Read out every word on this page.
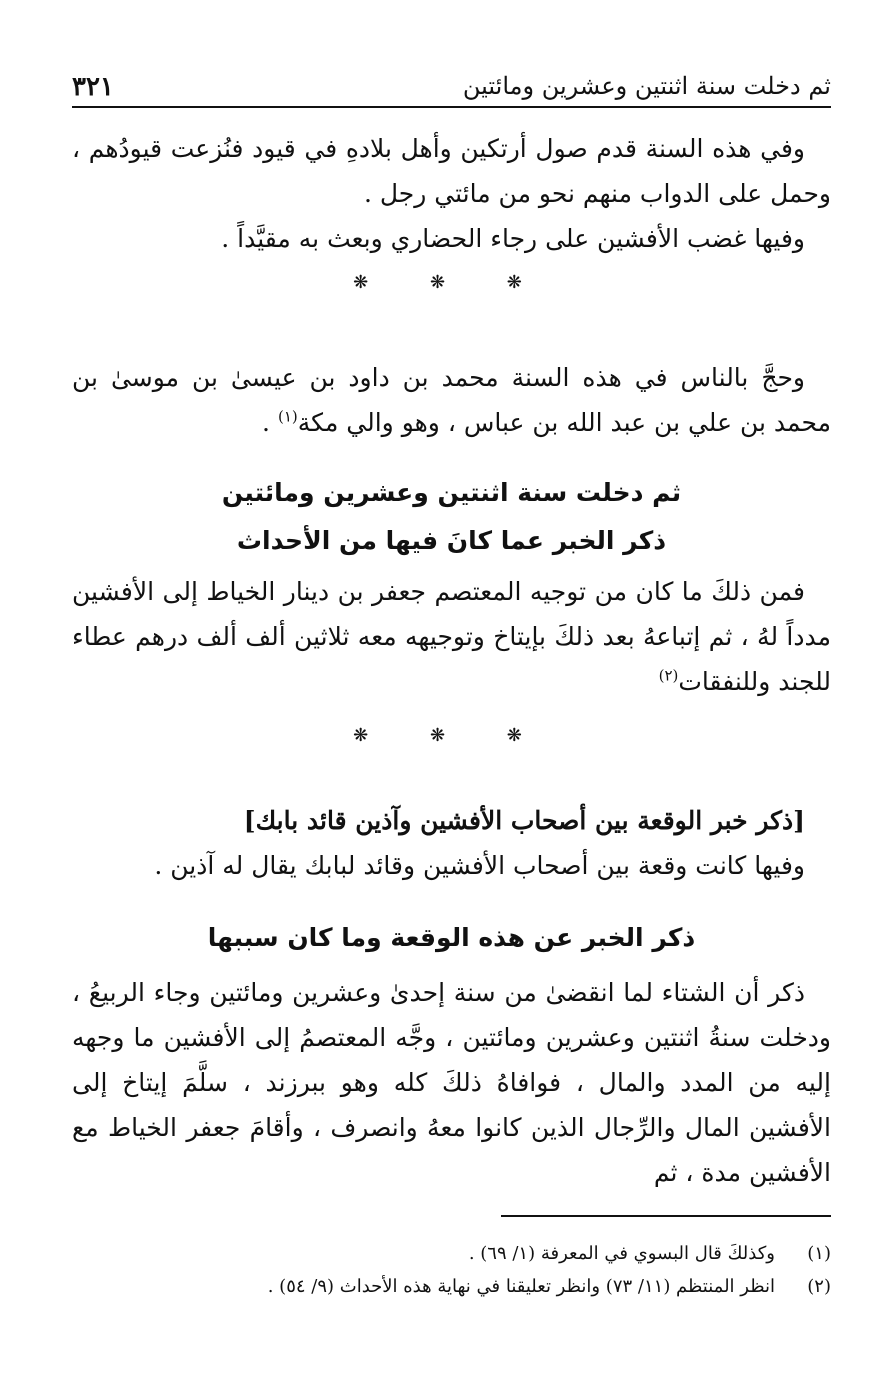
ثم دخلت سنة اثنتين وعشرين ومائتين
٣٢١

وفي هذه السنة قدم صول أرتكين وأهل بلادهِ في قيود فنُزعت قيودُهم ، وحمل على الدواب منهم نحو من مائتي رجل .

وفيها غضب الأفشين على رجاء الحضاري وبعث به مقيَّداً .

❋ ❋ ❋

وحجَّ بالناس في هذه السنة محمد بن داود بن عيسىٰ بن موسىٰ بن محمد بن علي بن عبد الله بن عباس ، وهو والي مكة$^{(١)}$ .

ثم دخلت سنة اثنتين وعشرين ومائتين
ذكر الخبر عما كانَ فيها من الأحداث

فمن ذلكَ ما كان من توجيه المعتصم جعفر بن دينار الخياط إلى الأفشين مدداً لهُ ، ثم إتباعهُ بعد ذلكَ بإيتاخ وتوجيهه معه ثلاثين ألف ألف درهم عطاء للجند وللنفقات$^{(٢)}$

❋ ❋ ❋
[ذكر خبر الوقعة بين أصحاب الأفشين وآذين قائد بابك]

وفيها كانت وقعة بين أصحاب الأفشين وقائد لبابك يقال له آذين .

ذكر الخبر عن هذه الوقعة وما كان سببها

ذكر أن الشتاء لما انقضىٰ من سنة إحدىٰ وعشرين ومائتين وجاء الربيعُ ، ودخلت سنةُ اثنتين وعشرين ومائتين ، وجَّه المعتصمُ إلى الأفشين ما وجهه إليه من المدد والمال ، فوافاهُ ذلكَ كله وهو ببرزند ، سلَّمَ إيتاخ إلى الأفشين المال والرِّجال الذين كانوا معهُ وانصرف ، وأقامَ جعفر الخياط مع الأفشين مدة ، ثم

(١)
وكذلكَ قال البسوي في المعرفة (١/ ٦٩) .
(٢)
انظر المنتظم (١١/ ٧٣) وانظر تعليقنا في نهاية هذه الأحداث (٩/ ٥٤) .
